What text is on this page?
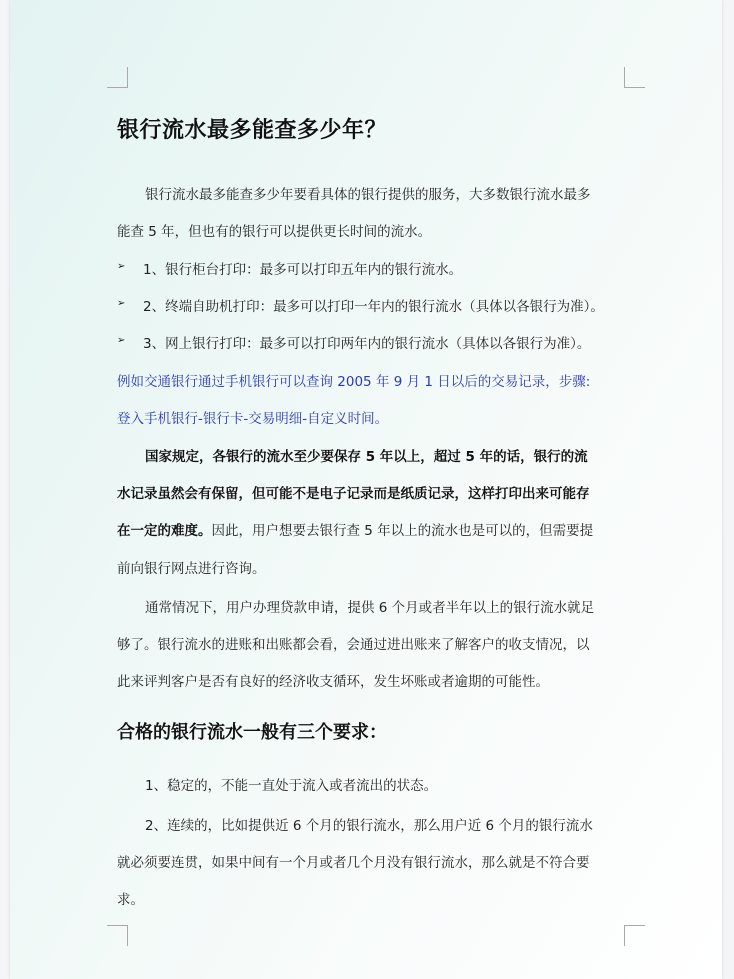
银行流水最多能查多少年？
银行流水最多能查多少年要看具体的银行提供的服务，大多数银行流水最多
能查 5 年，但也有的银行可以提供更长时间的流水。
➢ 1、银行柜台打印：最多可以打印五年内的银行流水。
➢ 2、终端自助机打印：最多可以打印一年内的银行流水（具体以各银行为准）。
➢ 3、网上银行打印：最多可以打印两年内的银行流水（具体以各银行为准）。
例如交通银行通过手机银行可以查询 2005 年 9 月 1 日以后的交易记录，步骤:
登入手机银行-银行卡-交易明细-自定义时间。
国家规定，各银行的流水至少要保存 5 年以上，超过 5 年的话，银行的流
水记录虽然会有保留，但可能不是电子记录而是纸质记录，这样打印出来可能存
在一定的难度。因此，用户想要去银行查 5 年以上的流水也是可以的，但需要提
前向银行网点进行咨询。
通常情况下，用户办理贷款申请，提供 6 个月或者半年以上的银行流水就足
够了。银行流水的进账和出账都会看，会通过进出账来了解客户的收支情况，以
此来评判客户是否有良好的经济收支循环，发生坏账或者逾期的可能性。
合格的银行流水一般有三个要求：
1、稳定的，不能一直处于流入或者流出的状态。
2、连续的，比如提供近 6 个月的银行流水，那么用户近 6 个月的银行流水
就必须要连贯，如果中间有一个月或者几个月没有银行流水，那么就是不符合要
求。
